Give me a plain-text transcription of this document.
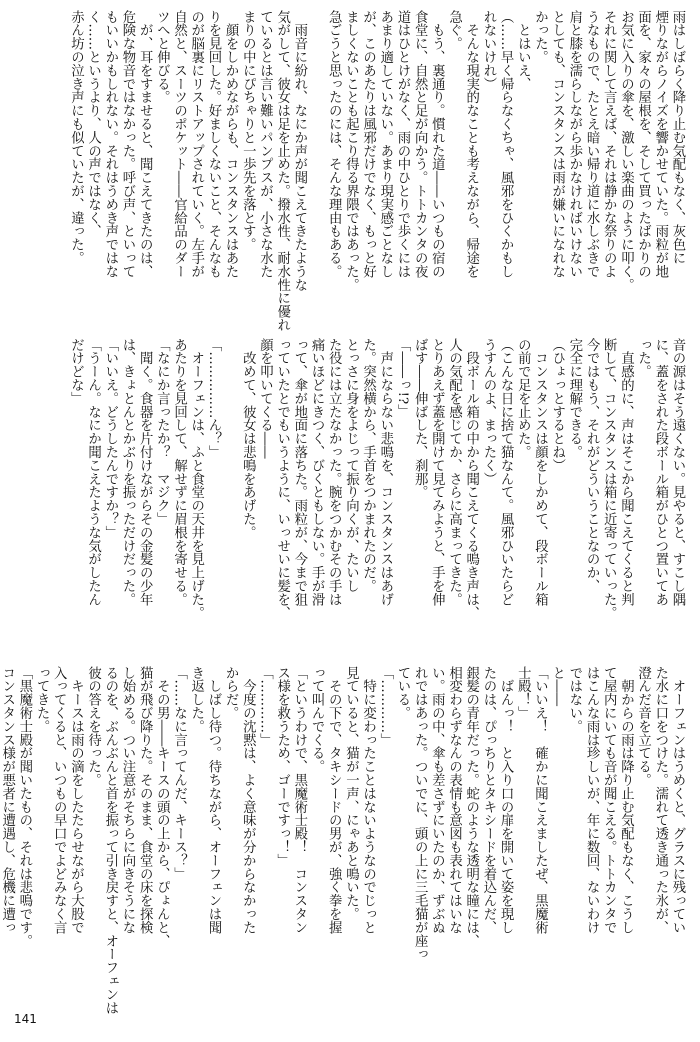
雨はしばらく降り止む気配もなく、灰色に
煙りながらノイズを響かせていた。雨粒が地
面を、家々の屋根を、そして買ったばかりの
お気に入りの傘を、激しい楽曲のように叩く。
それに関して言えば、それは静かな祭りのよ
うなもので、たとえ暗い帰り道に水しぶきで
肩と膝を濡らしながら歩かなければいけない
としても、コンスタンスは雨が嫌いになれな
かった。
　とはいえ、
（……早く帰らなくちゃ、風邪をひくかもし
れないけれ）
　そんな現実的なことも考えながら、帰途を
急ぐ。
　もう、裏通り。慣れた道――いつもの宿の
食堂に、自然と足が向かう。トトカンタの夜
道はひとけがなく、雨の中ひとりで歩くには
あまり適していない。あまり現実感ごとなし
が、このあたりは風邪だけでなく、もっと好
ましくないことも起こり得る界隈ではあった。
急ごうと思ったのには、そんな理由もある。
　雨音に紛れ、なにか声が聞こえてきたような
気がして、彼女は足を止めた。撥水性、耐水性に優れ
ているとは言い難いパンプスが、小さな水た
まりの中にぴちゃりと一歩先を落とす。
　顔をしかめながらも、コンスタンスはあた
りを見回した。好ましくないこと、そんなも
のが脳裏にリストアップされていく。左手が
自然と、スーツのポケット――官給品のダー
ツへと伸びる。
　が、耳をすませると、聞こえてきたのは、
危険な物音ではなかった。呼び声、といって
もいいかもしれない。それはうめき声ではな
く……というより、人の声ではなく、
赤ん坊の泣き声にも似ていたが、違った。
音の源はそう遠くない。見やると、すこし隅
に、蓋をされた段ボール箱がひとつ置いてあ
った。
　直感的に、声はそこから聞こえてくると判
断して、コンスタンスは箱に近寄っていった。
今ではもう、それがどういうことなのか、
完全に理解できる。
（ひょっとするとね）
　コンスタンスは顔をしかめて、段ボール箱
の前で足を止めた。
（こんな日に捨て猫なんて。風邪ひいたらど
うすんのよ、まったく）
　段ボール箱の中から聞こえてくる鳴き声は、
人の気配を感じてか、さらに高まってきた。
とりあえず蓋を開けて見てみようと、手を伸
ばす――伸ばした、刹那。
「――っ!?」
　声にならない悲鳴を、コンスタンスはあげ
た。突然横から、手首をつかまれたのだ。
とっさに身をよじって振り向くが、たいし
た役には立たなかった。腕をつかむその手は
痛いほどにきつく、びくともしない。手が滑
って、傘が地面に落ちた。雨粒が、今まで狙
っていたとでもいうように、いっせいに髪を、
顔を叩いてくる――
　改めて、彼女は悲鳴をあげた。
「……………ん？」
　オーフェンは、ふと食堂の天井を見上げた。
あたりを見回して、解せずに眉根を寄せる。
「なにか言ったか？　マジク」
　聞く。食器を片付けながらその金髪の少年
は、きょとんとかぶりを振っただけだった。
「いいえ。どうしたんですか？」
「うーん。なにか聞こえたような気がしたん
だけどな」
　オーフェンはうめくと、グラスに残ってい
た水に口をつけた。濡れて透き通った氷が、
澄んだ音を立てる。
　朝からの雨は降り止む気配もなく、こうし
て屋内にいても音が聞こえる。トトカンタで
はこんな雨は珍しいが、年に数回、ないわけ
ではない。
と――
「いいえ！　確かに聞こえましたぜ、黒魔術
士殿！」
　ばんっ！　と入り口の扉を開いて姿を現し
たのは、ぴっちりとタキシードを着込んだ、
銀髪の青年だった。蛇のような透明な瞳には、
相変わらずなんの表情も意図も表れてはいな
い。雨の中、傘も差さずにいたのか、ずぶぬ
れではあった。ついでに、頭の上に三毛猫が座っ
ている。
「…………」
　特に変わったことはないようなのでじっと
見ていると、猫が一声、にゃあと鳴いた。
　その下で、タキシードの男が、強く拳を握
って叫んでくる。
「というわけで、黒魔術士殿！　コンスタン
ス様を救うため、ゴーですっ！」
「…………」
　今度の沈黙は、よく意味が分からなかった
からだ。
　しばし待つ。待ちながら、オーフェンは聞
き返した。
「……なに言ってんだ、キース？」
　その男――キースの頭の上から、ぴょんと、
猫が飛び降りた。そのまま、食堂の床を探検
し始める。つい注意がそちらに向きそうにな
るのを、ぶんぶんと首を振って引き戻すと、オーフェンは
彼の答えを待った。
　キースは雨の滴をしたたらせながら大股で
入ってくると、いつもの早口でよどみなく言
ってきた。
「黒魔術士殿が聞いたもの、それは悲鳴です。
コンスタンス様が悪者に遭遇し、危機に遭っ
141
